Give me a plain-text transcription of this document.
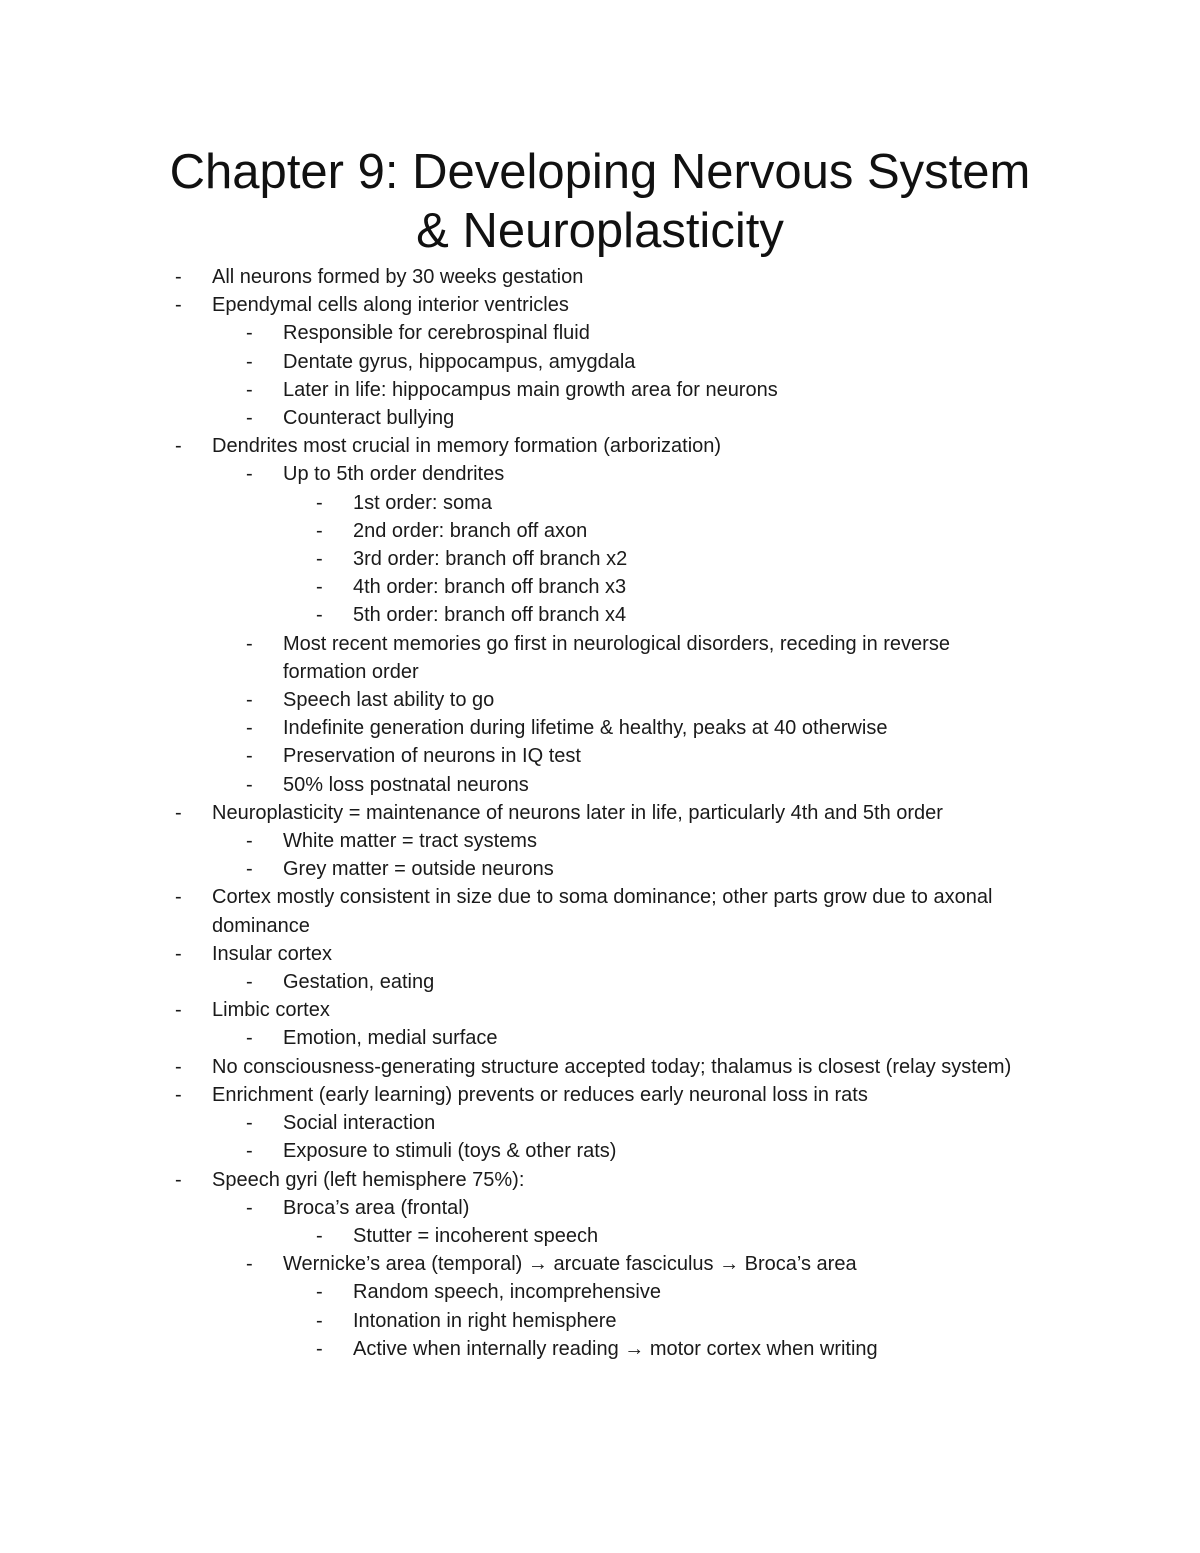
Chapter 9: Developing Nervous System
& Neuroplasticity
- All neurons formed by 30 weeks gestation
- Ependymal cells along interior ventricles
- Responsible for cerebrospinal fluid
- Dentate gyrus, hippocampus, amygdala
- Later in life: hippocampus main growth area for neurons
- Counteract bullying
- Dendrites most crucial in memory formation (arborization)
- Up to 5th order dendrites
- 1st order: soma
- 2nd order: branch off axon
- 3rd order: branch off branch x2
- 4th order: branch off branch x3
- 5th order: branch off branch x4
- Most recent memories go first in neurological disorders, receding in reverse formation order
- Speech last ability to go
- Indefinite generation during lifetime & healthy, peaks at 40 otherwise
- Preservation of neurons in IQ test
- 50% loss postnatal neurons
- Neuroplasticity = maintenance of neurons later in life, particularly 4th and 5th order
- White matter = tract systems
- Grey matter = outside neurons
- Cortex mostly consistent in size due to soma dominance; other parts grow due to axonal dominance
- Insular cortex
- Gestation, eating
- Limbic cortex
- Emotion, medial surface
- No consciousness-generating structure accepted today; thalamus is closest (relay system)
- Enrichment (early learning) prevents or reduces early neuronal loss in rats
- Social interaction
- Exposure to stimuli (toys & other rats)
- Speech gyri (left hemisphere 75%):
- Broca’s area (frontal)
- Stutter = incoherent speech
- Wernicke’s area (temporal) → arcuate fasciculus → Broca’s area
- Random speech, incomprehensive
- Intonation in right hemisphere
- Active when internally reading → motor cortex when writing
